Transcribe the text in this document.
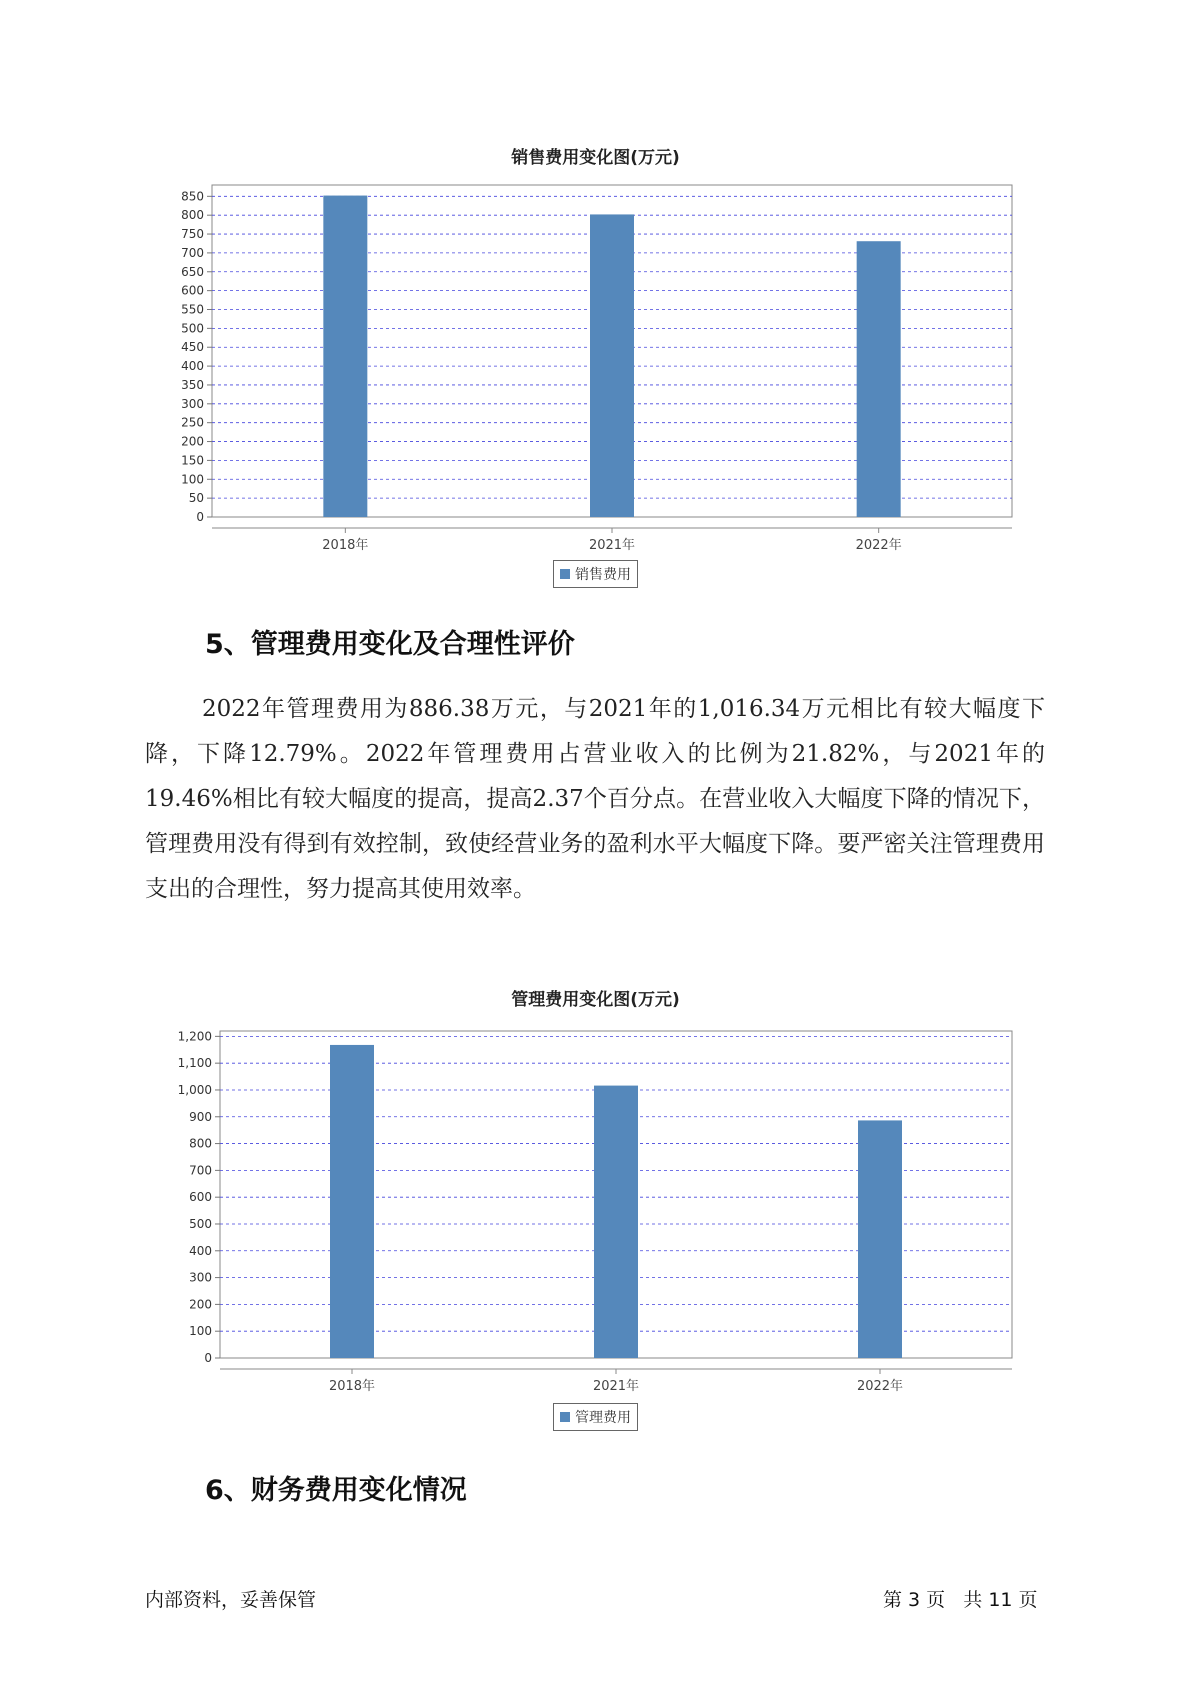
销售费用变化图(万元)
0
50
100
150
200
250
300
350
400
450
500
550
600
650
700
750
800
850
2018年	2021年	2022年
销售费用
5、管理费用变化及合理性评价

2022年管理费用为886.38万元，与2021年的1,016.34万元相比有较大幅度下降，下降12.79%。2022年管理费用占营业收入的比例为21.82%，与2021年的19.46%相比有较大幅度的提高，提高2.37个百分点。在营业收入大幅度下降的情况下，管理费用没有得到有效控制，致使经营业务的盈利水平大幅度下降。要严密关注管理费用支出的合理性，努力提高其使用效率。

管理费用变化图(万元)
0
100
200
300
400
500
600
700
800
900
1,000
1,100
1,200
2018年	2021年	2022年
管理费用
6、财务费用变化情况
内部资料，妥善保管	第 3 页   共 11 页
